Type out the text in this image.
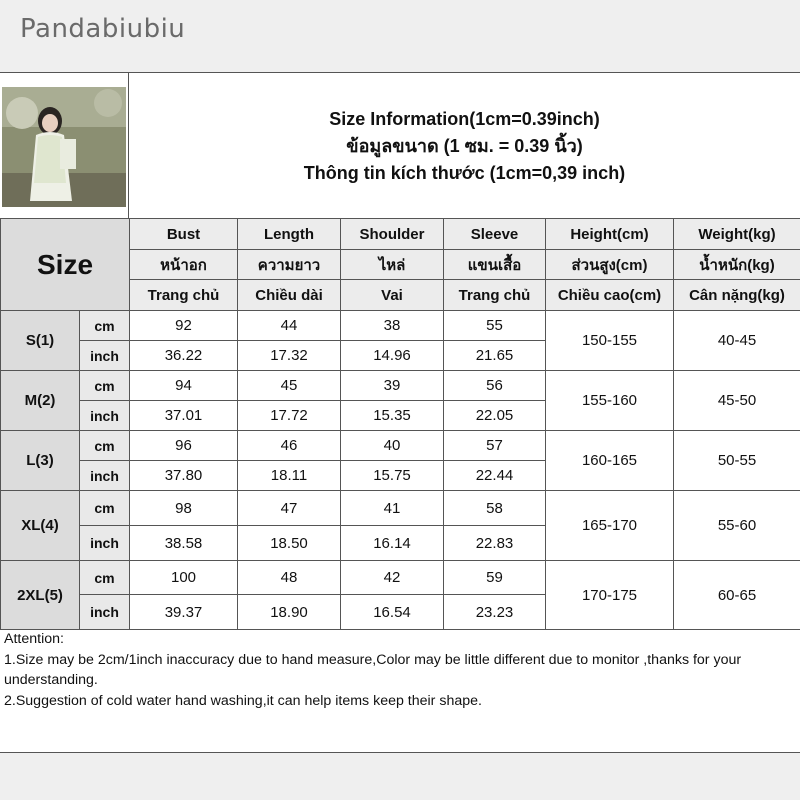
Pandabiubiu
Size Information(1cm=0.39inch)
ข้อมูลขนาด (1 ซม. = 0.39 นิ้ว)
Thông tin kích thước (1cm=0,39 inch)
Size		Bust	Length	Shoulder	Sleeve	Height(cm)	Weight(kg)
		หน้าอก	ความยาว	ไหล่	แขนเสื้อ	ส่วนสูง(cm)	น้ำหนัก(kg)
		Trang chủ	Chiều dài	Vai	Trang chủ	Chiều cao(cm)	Cân nặng(kg)
S(1)	cm	92	44	38	55	150-155	40-45
	inch	36.22	17.32	14.96	21.65		
M(2)	cm	94	45	39	56	155-160	45-50
	inch	37.01	17.72	15.35	22.05		
L(3)	cm	96	46	40	57	160-165	50-55
	inch	37.80	18.11	15.75	22.44		
XL(4)	cm	98	47	41	58	165-170	55-60
	inch	38.58	18.50	16.14	22.83		
2XL(5)	cm	100	48	42	59	170-175	60-65
	inch	39.37	18.90	16.54	23.23		
Attention:
1.Size may be 2cm/1inch inaccuracy due to hand measure,Color may be little different due to monitor ,thanks for your understanding.
2.Suggestion of cold water hand washing,it can help items keep their shape.
